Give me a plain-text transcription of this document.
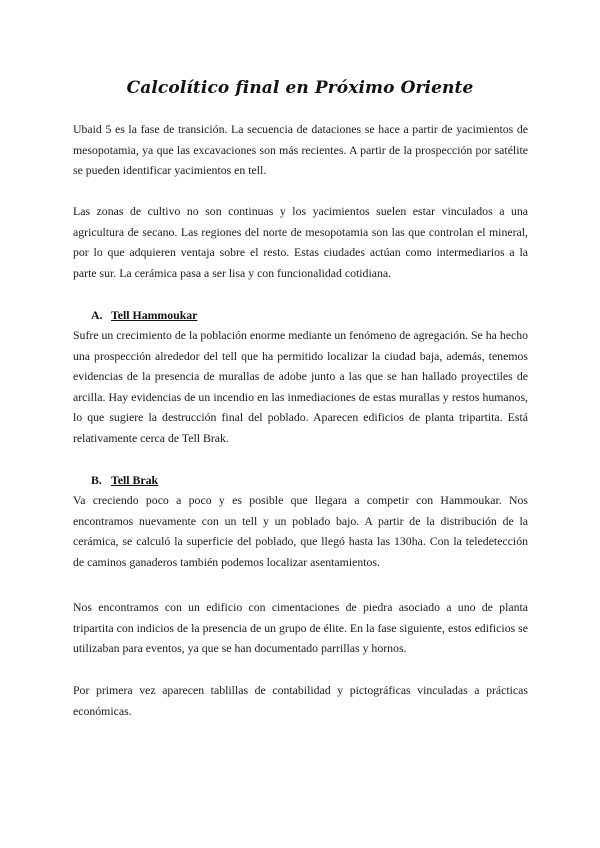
Calcolítico final en Próximo Oriente

Ubaid 5 es la fase de transición. La secuencia de dataciones se hace a partir de yacimientos de mesopotamia, ya que las excavaciones son más recientes. A partir de la prospección por satélite se pueden identificar yacimientos en tell.

Las zonas de cultivo no son continuas y los yacimientos suelen estar vinculados a una agricultura de secano. Las regiones del norte de mesopotamia son las que controlan el mineral, por lo que adquieren ventaja sobre el resto. Estas ciudades actúan como intermediarios a la parte sur. La cerámica pasa a ser lisa y con funcionalidad cotidiana.

A. Tell Hammoukar

Sufre un crecimiento de la población enorme mediante un fenómeno de agregación. Se ha hecho una prospección alrededor del tell que ha permitido localizar la ciudad baja, además, tenemos evidencias de la presencia de murallas de adobe junto a las que se han hallado proyectiles de arcilla. Hay evidencias de un incendio en las inmediaciones de estas murallas y restos humanos, lo que sugiere la destrucción final del poblado. Aparecen edificios de planta tripartita. Está relativamente cerca de Tell Brak.

B. Tell Brak

Va creciendo poco a poco y es posible que llegara a competir con Hammoukar. Nos encontramos nuevamente con un tell y un poblado bajo. A partir de la distribución de la cerámica, se calculó la superficie del poblado, que llegó hasta las 130ha. Con la teledetección de caminos ganaderos también podemos localizar asentamientos.

Nos encontramos con un edificio con cimentaciones de piedra asociado a uno de planta tripartita con indicios de la presencia de un grupo de élite. En la fase siguiente, estos edificios se utilizaban para eventos, ya que se han documentado parrillas y hornos.

Por primera vez aparecen tablillas de contabilidad y pictográficas vinculadas a prácticas económicas.
